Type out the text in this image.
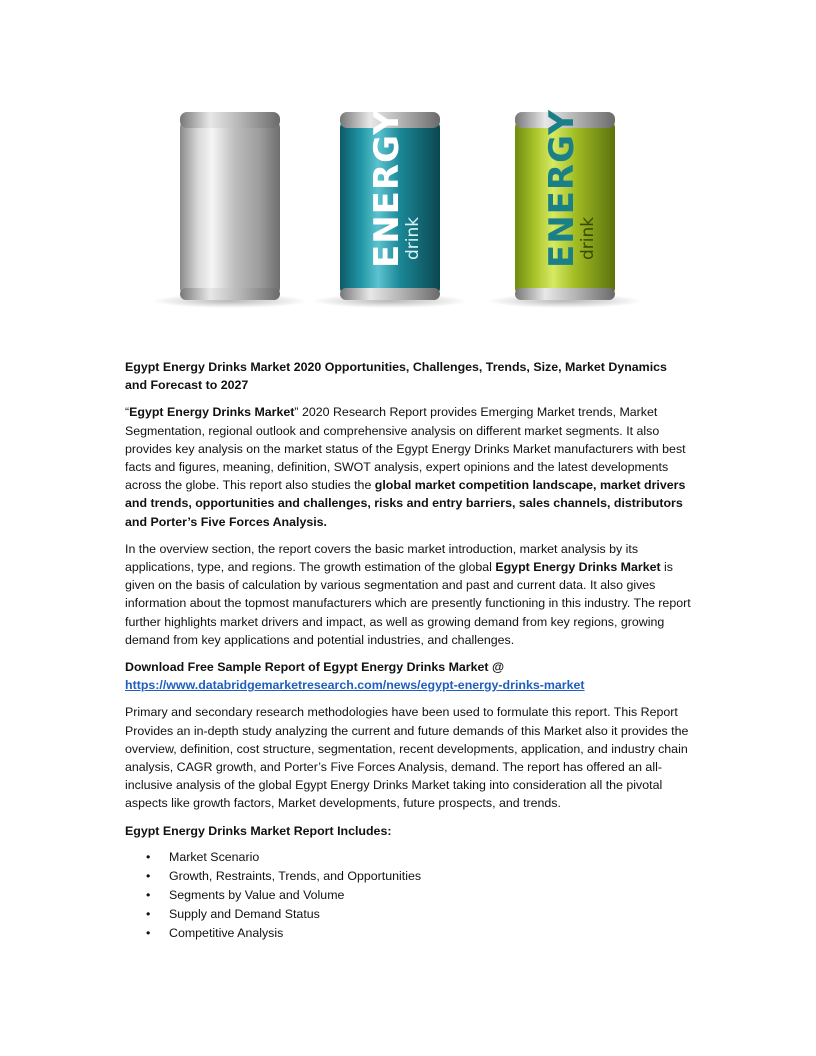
ENERGY
drink	ENERGY
drink

Egypt Energy Drinks Market 2020 Opportunities, Challenges, Trends, Size, Market Dynamics and Forecast to 2027

“Egypt Energy Drinks Market” 2020 Research Report provides Emerging Market trends, Market Segmentation, regional outlook and comprehensive analysis on different market segments. It also provides key analysis on the market status of the Egypt Energy Drinks Market manufacturers with best facts and figures, meaning, definition, SWOT analysis, expert opinions and the latest developments across the globe. This report also studies the global market competition landscape, market drivers and trends, opportunities and challenges, risks and entry barriers, sales channels, distributors and Porter’s Five Forces Analysis.

In the overview section, the report covers the basic market introduction, market analysis by its applications, type, and regions. The growth estimation of the global Egypt Energy Drinks Market is given on the basis of calculation by various segmentation and past and current data. It also gives information about the topmost manufacturers which are presently functioning in this industry. The report further highlights market drivers and impact, as well as growing demand from key regions, growing demand from key applications and potential industries, and challenges.

Download Free Sample Report of Egypt Energy Drinks Market @
https://www.databridgemarketresearch.com/news/egypt-energy-drinks-market

Primary and secondary research methodologies have been used to formulate this report. This Report Provides an in-depth study analyzing the current and future demands of this Market also it provides the overview, definition, cost structure, segmentation, recent developments, application, and industry chain analysis, CAGR growth, and Porter’s Five Forces Analysis, demand. The report has offered an all-inclusive analysis of the global Egypt Energy Drinks Market taking into consideration all the pivotal aspects like growth factors, Market developments, future prospects, and trends.

Egypt Energy Drinks Market Report Includes:

• Market Scenario
• Growth, Restraints, Trends, and Opportunities
• Segments by Value and Volume
• Supply and Demand Status
• Competitive Analysis
